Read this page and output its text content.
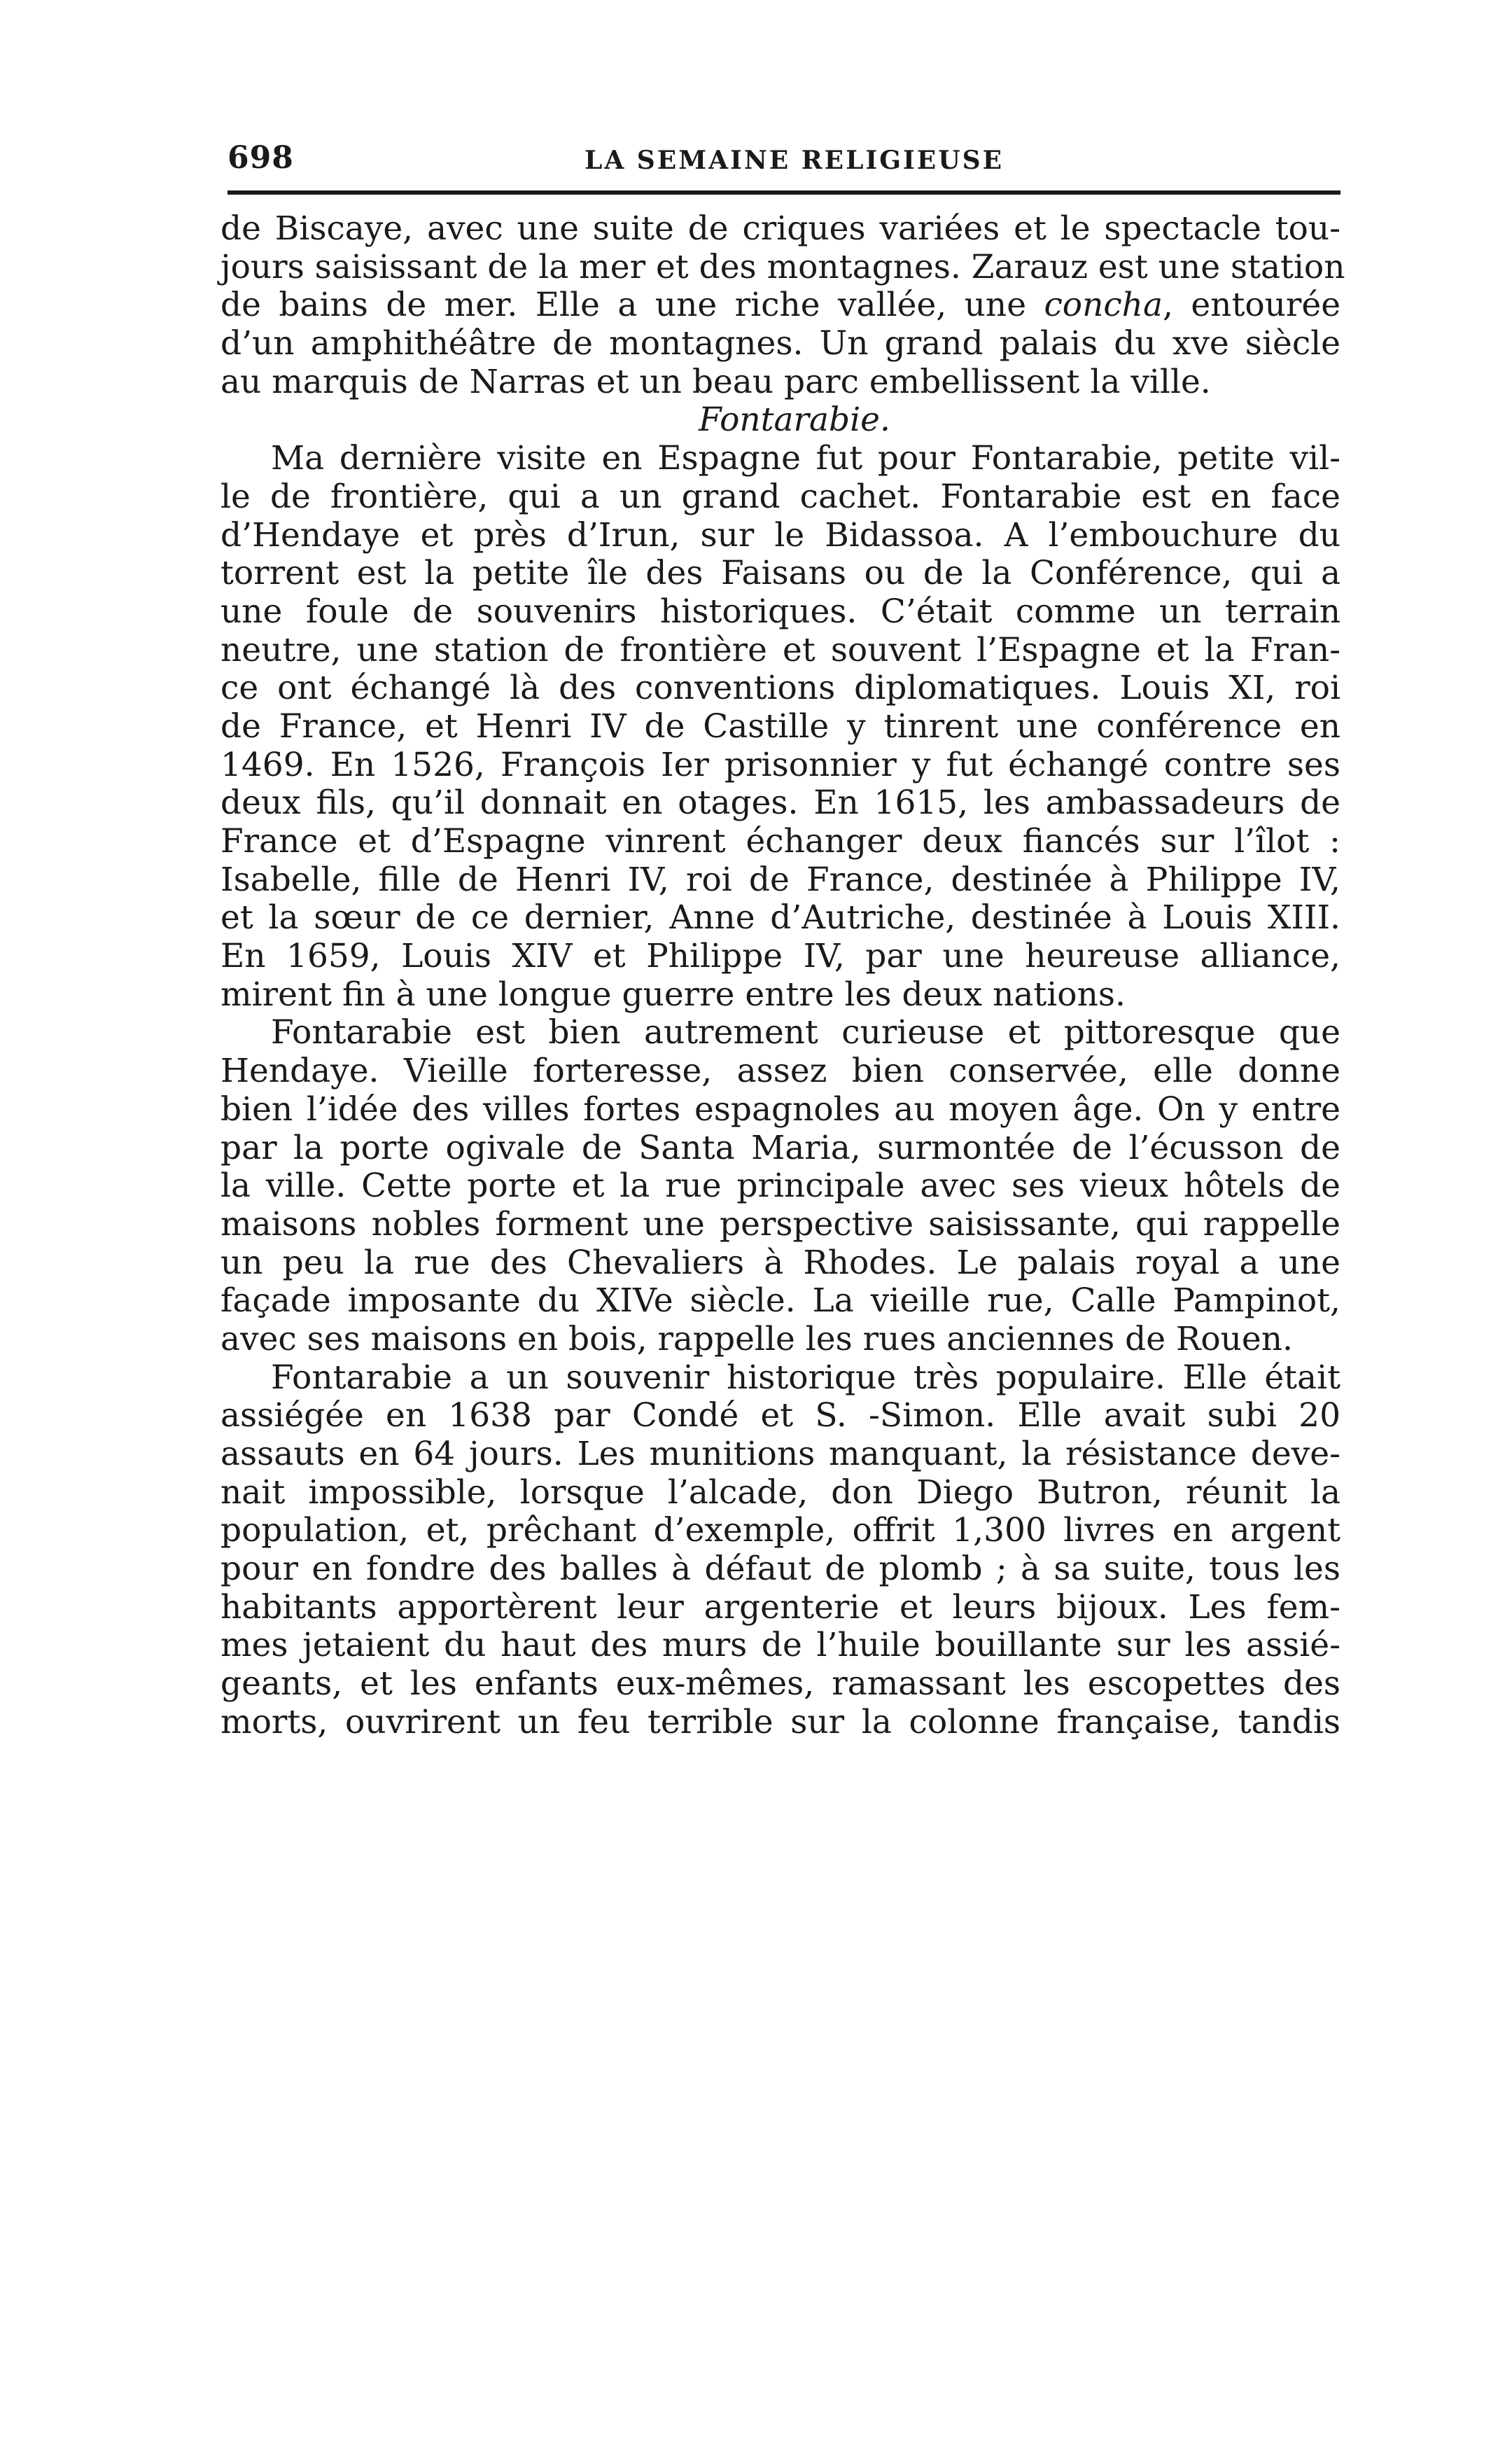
698	LA SEMAINE RELIGIEUSE
de Biscaye, avec une suite de criques variées et le spectacle tou-
jours saisissant de la mer et des montagnes. Zarauz est une station
de bains de mer. Elle a une riche vallée, une concha, entourée
d’un amphithéâtre de montagnes. Un grand palais du xve siècle
au marquis de Narras et un beau parc embellissent la ville.
Fontarabie.
Ma dernière visite en Espagne fut pour Fontarabie, petite vil-
le de frontière, qui a un grand cachet. Fontarabie est en face
d’Hendaye et près d’Irun, sur le Bidassoa. A l’embouchure du
torrent est la petite île des Faisans ou de la Conférence, qui a
une foule de souvenirs historiques. C’était comme un terrain
neutre, une station de frontière et souvent l’Espagne et la Fran-
ce ont échangé là des conventions diplomatiques. Louis XI, roi
de France, et Henri IV de Castille y tinrent une conférence en
1469. En 1526, François Ier prisonnier y fut échangé contre ses
deux fils, qu’il donnait en otages. En 1615, les ambassadeurs de
France et d’Espagne vinrent échanger deux fiancés sur l’îlot :
Isabelle, fille de Henri IV, roi de France, destinée à Philippe IV,
et la sœur de ce dernier, Anne d’Autriche, destinée à Louis XIII.
En 1659, Louis XIV et Philippe IV, par une heureuse alliance,
mirent fin à une longue guerre entre les deux nations.
Fontarabie est bien autrement curieuse et pittoresque que
Hendaye. Vieille forteresse, assez bien conservée, elle donne
bien l’idée des villes fortes espagnoles au moyen âge. On y entre
par la porte ogivale de Santa Maria, surmontée de l’écusson de
la ville. Cette porte et la rue principale avec ses vieux hôtels de
maisons nobles forment une perspective saisissante, qui rappelle
un peu la rue des Chevaliers à Rhodes. Le palais royal a une
façade imposante du XIVe siècle. La vieille rue, Calle Pampinot,
avec ses maisons en bois, rappelle les rues anciennes de Rouen.
Fontarabie a un souvenir historique très populaire. Elle était
assiégée en 1638 par Condé et S. -Simon. Elle avait subi 20
assauts en 64 jours. Les munitions manquant, la résistance deve-
nait impossible, lorsque l’alcade, don Diego Butron, réunit la
population, et, prêchant d’exemple, offrit 1,300 livres en argent
pour en fondre des balles à défaut de plomb ; à sa suite, tous les
habitants apportèrent leur argenterie et leurs bijoux. Les fem-
mes jetaient du haut des murs de l’huile bouillante sur les assié-
geants, et les enfants eux-mêmes, ramassant les escopettes des
morts, ouvrirent un feu terrible sur la colonne française, tandis
